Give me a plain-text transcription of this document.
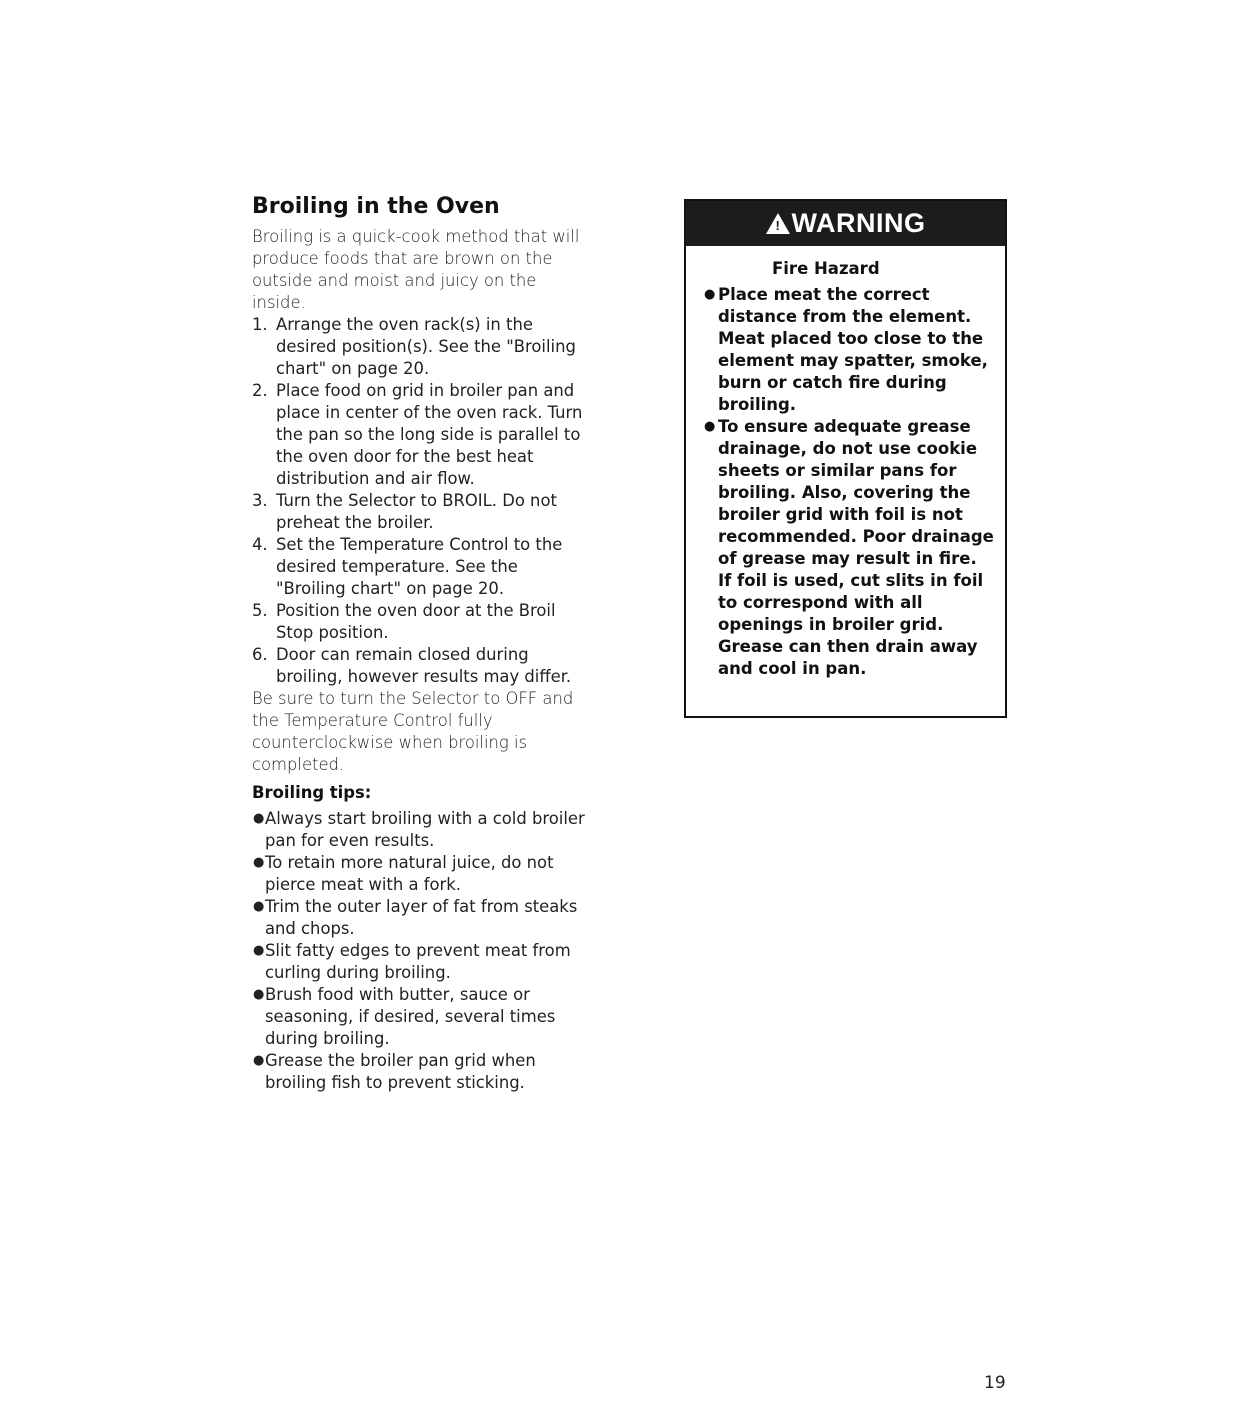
Broiling in the Oven

Broiling is a quick-cook method that will produce foods that are brown on the outside and moist and juicy on the inside.

1. Arrange the oven rack(s) in the desired position(s). See the "Broiling chart" on page 20.
2. Place food on grid in broiler pan and place in center of the oven rack. Turn the pan so the long side is parallel to the oven door for the best heat distribution and air flow.
3. Turn the Selector to BROIL. Do not preheat the broiler.
4. Set the Temperature Control to the desired temperature. See the "Broiling chart" on page 20.
5. Position the oven door at the Broil Stop position.
6. Door can remain closed during broiling, however results may differ.

Be sure to turn the Selector to OFF and the Temperature Control fully counterclockwise when broiling is completed.

Broiling tips:
● Always start broiling with a cold broiler pan for even results.
● To retain more natural juice, do not pierce meat with a fork.
● Trim the outer layer of fat from steaks and chops.
● Slit fatty edges to prevent meat from curling during broiling.
● Brush food with butter, sauce or seasoning, if desired, several times during broiling.
● Grease the broiler pan grid when broiling fish to prevent sticking.
! WARNING
Fire Hazard
● Place meat the correct distance from the element. Meat placed too close to the element may spatter, smoke, burn or catch fire during broiling.
● To ensure adequate grease drainage, do not use cookie sheets or similar pans for broiling. Also, covering the broiler grid with foil is not recommended. Poor drainage of grease may result in fire. If foil is used, cut slits in foil to correspond with all openings in broiler grid. Grease can then drain away and cool in pan.
19
